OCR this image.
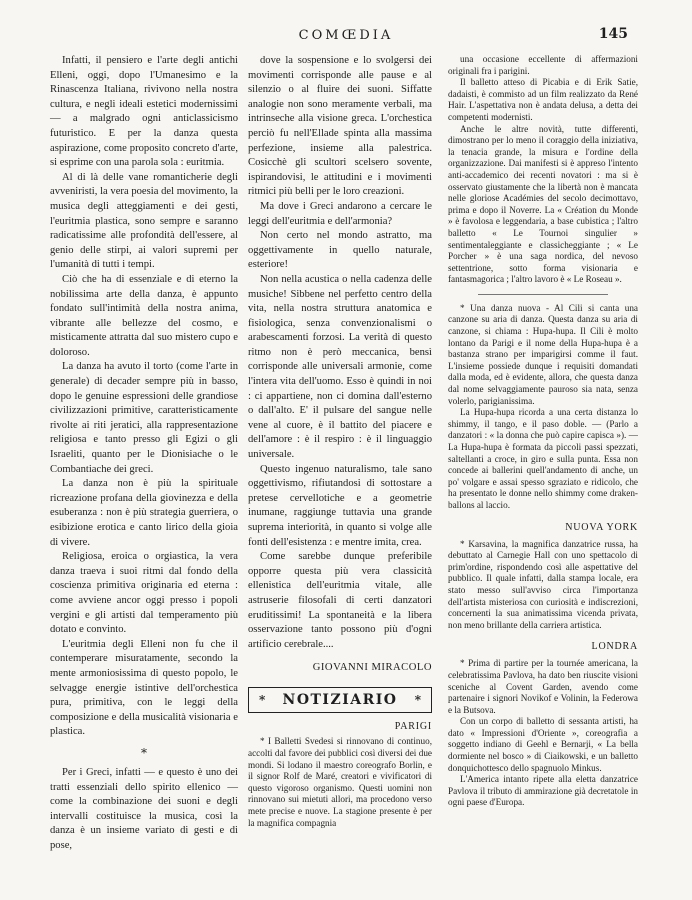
COMŒDIA	145

Infatti, il pensiero e l'arte degli antichi Elleni, oggi, dopo l'Umanesimo e la Rinascenza Italiana, rivivono nella nostra cultura, e negli ideali estetici modernissimi — a malgrado ogni anticlassicismo futuristico. E per la danza questa aspirazione, come proposito concreto d'arte, si esprime con una parola sola : euritmia.

Al di là delle vane romanticherie degli avveniristi, la vera poesia del movimento, la musica degli atteggiamenti e dei gesti, l'euritmia plastica, sono sempre e saranno radicatissime alle profondità dell'essere, al genio delle stirpi, ai valori supremi per l'umanità di tutti i tempi.

Ciò che ha di essenziale e di eterno la nobilissima arte della danza, è appunto fondato sull'intimità della nostra anima, vibrante alle bellezze del cosmo, e misticamente attratta dal suo mistero cupo e doloroso.

La danza ha avuto il torto (come l'arte in generale) di decader sempre più in basso, dopo le genuine espressioni delle grandiose civilizzazioni primitive, caratteristicamente rivolte ai riti jeratici, alla rappresentazione religiosa e tanto presso gli Egizi o gli Israeliti, quanto per le Dionisiache o le Combantiache dei greci.

La danza non è più la spirituale ricreazione profana della giovinezza e della esuberanza : non è più strategia guerriera, o esibizione erotica e canto lirico della gioia di vivere.

Religiosa, eroica o orgiastica, la vera danza traeva i suoi ritmi dal fondo della coscienza primitiva originaria ed eterna : come avviene ancor oggi presso i popoli vergini e gli artisti dal temperamento più dotato e convinto.

L'euritmia degli Elleni non fu che il contemperare misuratamente, secondo la mente armoniosissima di questo popolo, le selvagge energie istintive dell'orchestica pura, primitiva, con le leggi della composizione e della musicalità visionaria e plastica.

*

Per i Greci, infatti — e questo è uno dei tratti essenziali dello spirito ellenico — come la combinazione dei suoni e degli intervalli costituisce la musica, così la danza è un insieme variato di gesti e di pose,

dove la sospensione e lo svolgersi dei movimenti corrisponde alle pause e al silenzio o al fluire dei suoni. Siffatte analogie non sono meramente verbali, ma intrinseche alla visione greca. L'orchestica perciò fu nell'Ellade spinta alla massima perfezione, insieme alla palestrica. Cosicchè gli scultori scelsero sovente, ispirandovisi, le attitudini e i movimenti ritmici più belli per le loro creazioni.

Ma dove i Greci andarono a cercare le leggi dell'euritmia e dell'armonia?

Non certo nel mondo astratto, ma oggettivamente in quello naturale, esteriore!

Non nella acustica o nella cadenza delle musiche! Sibbene nel perfetto centro della vita, nella nostra struttura anatomica e fisiologica, senza convenzionalismi o arabescamenti forzosi. La verità di questo ritmo non è però meccanica, bensì corrisponde alle universali armonie, come l'intera vita dell'uomo. Esso è quindi in noi : ci appartiene, non ci domina dall'esterno o dall'alto. E' il pulsare del sangue nelle vene al cuore, è il battito del piacere e dell'amore : è il respiro : è il linguaggio universale.

Questo ingenuo naturalismo, tale sano oggettivismo, rifiutandosi di sottostare a pretese cervellotiche e a geometrie inumane, raggiunge tuttavia una grande suprema interiorità, in quanto si volge alle fonti dell'esistenza : e mentre imita, crea.

Come sarebbe dunque preferibile opporre questa più vera classicità ellenistica dell'euritmia vitale, alle astruserie filosofali di certi danzatori eruditissimi! La spontaneità e la libera osservazione tanto possono più d'ogni artificio cerebrale....

GIOVANNI MIRACOLO
* NOTIZIARIO *
PARIGI

* I Balletti Svedesi si rinnovano di continuo, accolti dal favore dei pubblici così diversi dei due mondi. Si lodano il maestro coreografo Borlin, e il signor Rolf de Maré, creatori e vivificatori di questo vigoroso organismo. Questi uomini non rinnovano sui mietuti allori, ma procedono verso mete precise e nuove. La stagione presente è per la magnifica compagnia

una occasione eccellente di affermazioni originali fra i parigini.

Il balletto atteso di Picabia e di Erik Satie, dadaisti, è commisto ad un film realizzato da René Hair. L'aspettativa non è andata delusa, a detta dei competenti modernisti.

Anche le altre novità, tutte differenti, dimostrano per lo meno il coraggio della iniziativa, la tenacia grande, la misura e l'ordine della organizzazione. Dai manifesti si è appreso l'intento anti-accademico dei recenti novatori : ma si è osservato giustamente che la libertà non è mancata nelle gloriose Académies del secolo decimottavo, prima e dopo il Noverre. La « Création du Monde » è favolosa e leggendaria, a base cubistica ; l'altro balletto « Le Tournoi singulier » sentimentaleggiante e classicheggiante ; « Le Porcher » è una saga nordica, del nevoso settentrione, sotto forma visionaria e fantasmagorica ; l'altro lavoro è « Le Roseau ».

* Una danza nuova - Al Cili si canta una canzone su aria di danza. Questa danza su aria di canzone, si chiama : Hupa-hupa. Il Cili è molto lontano da Parigi e il nome della Hupa-hupa è a bastanza strano per imparigirsi comme il faut. L'insieme possiede dunque i requisiti domandati dalla moda, ed è evidente, allora, che questa danza dal nome selvaggiamente pauroso sia nata, senza volerlo, parigianissima.

La Hupa-hupa ricorda a una certa distanza lo shimmy, il tango, e il paso doble. — (Parlo a danzatori : « la donna che può capire capisca »). — La Hupa-hupa è formata da piccoli passi spezzati, saltellanti a croce, in giro e sulla punta. Essa non concede ai ballerini quell'andamento di anche, un po' volgare e assai spesso sgraziato e ridicolo, che ha presentato le donne nello shimmy come draken-ballons al laccio.

NUOVA YORK

* Karsavina, la magnifica danzatrice russa, ha debuttato al Carnegie Hall con uno spettacolo di prim'ordine, rispondendo così alle aspettative del pubblico. Il quale infatti, dalla stampa locale, era stato messo sull'avviso circa l'importanza dell'artista misteriosa con curiosità e indiscrezioni, concernenti la sua animatissima vicenda privata, non meno brillante della carriera artistica.

LONDRA

* Prima di partire per la tournée americana, la celebratissima Pavlova, ha dato ben riuscite visioni sceniche al Covent Garden, avendo come partenaire i signori Novikof e Volinin, la Federowa e la Butsova.

Con un corpo di balletto di sessanta artisti, ha dato « Impressioni d'Oriente », coreografia a soggetto indiano di Geehl e Bernarji, « La bella dormiente nel bosco » di Ciaikowski, e un balletto donquichottesco dello spagnuolo Minkus.

L'America intanto ripete alla eletta danzatrice Pavlova il tributo di ammirazione già decretatole in ogni paese d'Europa.
